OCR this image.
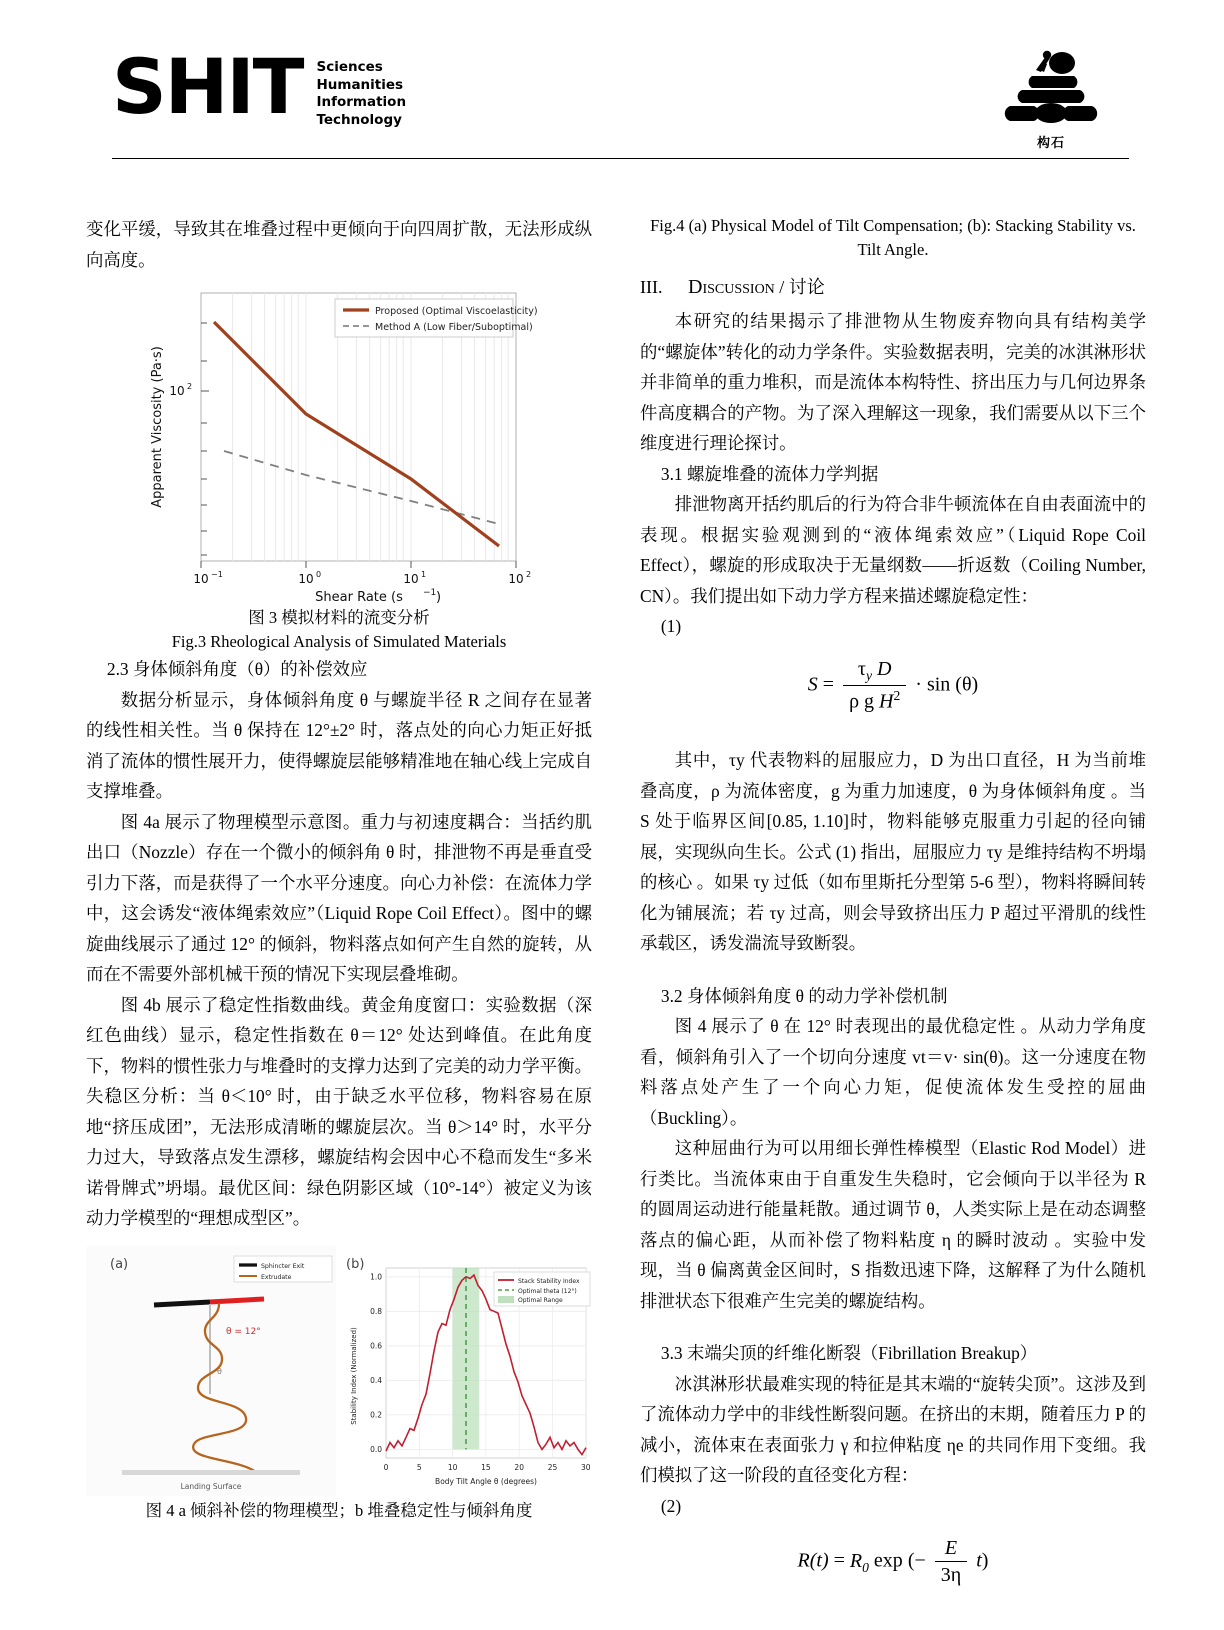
SHIT Sciences
Humanities
Information
Technology
构石

变化平缓，导致其在堆叠过程中更倾向于向四周扩散，无法形成纵向高度。

Proposed (Optimal Viscoelasticity)
Method A (Low Fiber/Suboptimal)
Apparent Viscosity (Pa·s) 10 2
10 −1	10 0	10 1	10 2
Shear Rate (s −1 )

图 3 模拟材料的流变分析

Fig.3 Rheological Analysis of Simulated Materials

2.3 身体倾斜角度（θ）的补偿效应

数据分析显示，身体倾斜角度 θ 与螺旋半径 R 之间存在显著的线性相关性。当 θ 保持在 12°±2° 时，落点处的向心力矩正好抵消了流体的惯性展开力，使得螺旋层能够精准地在轴心线上完成自支撑堆叠。

图 4a 展示了物理模型示意图。重力与初速度耦合：当括约肌出口（Nozzle）存在一个微小的倾斜角 θ 时，排泄物不再是垂直受引力下落，而是获得了一个水平分速度。向心力补偿：在流体力学中，这会诱发“液体绳索效应”（Liquid Rope Coil Effect）。图中的螺旋曲线展示了通过 12° 的倾斜，物料落点如何产生自然的旋转，从而在不需要外部机械干预的情况下实现层叠堆砌。

图 4b 展示了稳定性指数曲线。黄金角度窗口：实验数据（深红色曲线）显示，稳定性指数在 θ＝12° 处达到峰值。在此角度下，物料的惯性张力与堆叠时的支撑力达到了完美的动力学平衡。失稳区分析：当 θ＜10° 时，由于缺乏水平位移，物料容易在原地“挤压成团”，无法形成清晰的螺旋层次。当 θ＞14° 时，水平分力过大，导致落点发生漂移，螺旋结构会因中心不稳而发生“多米诺骨牌式”坍塌。最优区间：绿色阴影区域（10°-14°）被定义为该动力学模型的“理想成型区”。

(a)	Sphincter Exit
Extrudate
θ = 12°
θ
Landing Surface
(b)
Stack Stability Index
Optimal theta (12°)
Optimal Range
0.0
0.2
0.4
0.6
0.8
1.0
0	5	10	15	20	25	30
Body Tilt Angle θ (degrees)
Stability Index (Normalized)

图 4 a 倾斜补偿的物理模型；b 堆叠稳定性与倾斜角度

Fig.4 (a) Physical Model of Tilt Compensation; (b): Stacking Stability vs. Tilt Angle.

III.	Discussion / 讨论

本研究的结果揭示了排泄物从生物废弃物向具有结构美学的“螺旋体”转化的动力学条件。实验数据表明，完美的冰淇淋形状并非简单的重力堆积，而是流体本构特性、挤出压力与几何边界条件高度耦合的产物。为了深入理解这一现象，我们需要从以下三个维度进行理论探讨。

3.1 螺旋堆叠的流体力学判据

排泄物离开括约肌后的行为符合非牛顿流体在自由表面流中的表现。根据实验观测到的“液体绳索效应”（Liquid Rope Coil Effect），螺旋的形成取决于无量纲数——折返数（Coiling Number, CN）。我们提出如下动力学方程来描述螺旋稳定性：

(1)

$S = \frac{\tau_y D}{\rho g H^2} \cdot \sin (\theta)$

其中，τy 代表物料的屈服应力，D 为出口直径，H 为当前堆叠高度，ρ 为流体密度，g 为重力加速度，θ 为身体倾斜角度 。当 S 处于临界区间[0.85, 1.10]时，物料能够克服重力引起的径向铺展，实现纵向生长。公式 (1) 指出，屈服应力 τy 是维持结构不坍塌的核心 。如果 τy 过低（如布里斯托分型第 5-6 型），物料将瞬间转化为铺展流；若 τy 过高，则会导致挤出压力 P 超过平滑肌的线性承载区，诱发湍流导致断裂。

3.2 身体倾斜角度 θ 的动力学补偿机制

图 4 展示了 θ 在 12° 时表现出的最优稳定性 。从动力学角度看，倾斜角引入了一个切向分速度 vt＝v· sin(θ)。这一分速度在物料落点处产生了一个向心力矩，促使流体发生受控的屈曲（Buckling）。

这种屈曲行为可以用细长弹性棒模型（Elastic Rod Model）进行类比。当流体束由于自重发生失稳时，它会倾向于以半径为 R 的圆周运动进行能量耗散。通过调节 θ，人类实际上是在动态调整落点的偏心距，从而补偿了物料粘度 η 的瞬时波动 。实验中发现，当 θ 偏离黄金区间时，S 指数迅速下降，这解释了为什么随机排泄状态下很难产生完美的螺旋结构。

3.3 末端尖顶的纤维化断裂（Fibrillation Breakup）

冰淇淋形状最难实现的特征是其末端的“旋转尖顶”。这涉及到了流体动力学中的非线性断裂问题。在挤出的末期，随着压力 P 的减小，流体束在表面张力 γ 和拉伸粘度 ηe 的共同作用下变细。我们模拟了这一阶段的直径变化方程：

(2)

$R(t) = R_0$ exp (− $\frac{E}{3\eta} t$)
